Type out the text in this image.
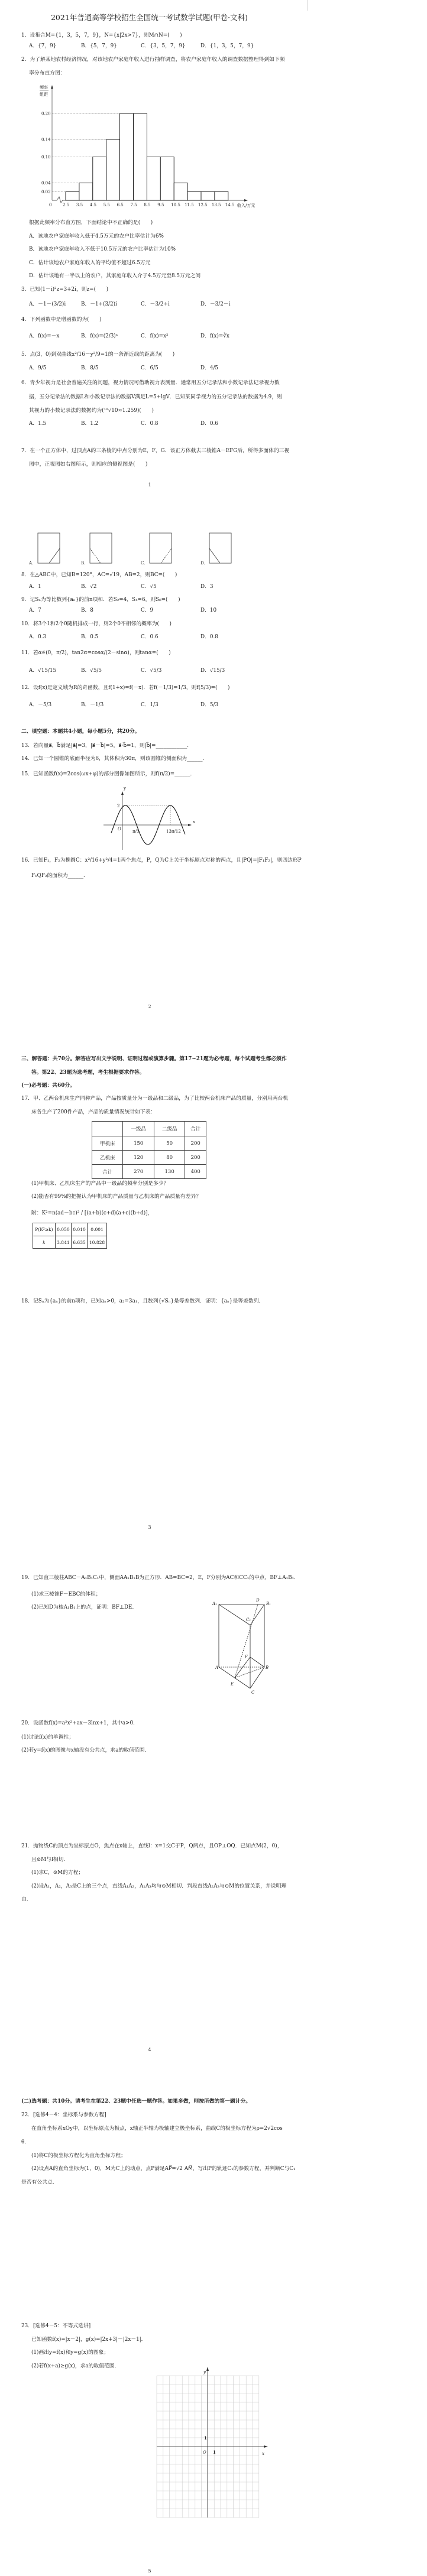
2021年普通高等学校招生全国统一考试数学试题(甲卷·文科)
A.	B.	C.	D.
y
x
2
O	π/3	13π/12
A₁
D
B₁
C₁
F
A	B
E
C
y
x
O 1
1
0.20
0.14
0.10
0.04
0.02
2.5 3.5 4.5 5.5 6.5 7.5 8.5 9.5 10.5 11.5 12.5 13.5 14.5
0	收入/万元
频率
组距
	一级品	二级品	合计
甲机床	150	50	200
乙机床	120	80	200
合计	270	130	400
P(K²≥k)	0.050	0.010	0.001
k	3.841	6.635	10.828
1．设集合M={1，3，5，7，9}，N={x|2x>7}，则M∩N=(　　)
A．{7，9}	B．{5，7，9}	C．{3，5，7，9}	D．{1，3，5，7，9}
2．为了解某地农村经济情况，对该地农户家庭年收入进行抽样调查，将农户家庭年收入的调查数据整理得到如下频
率分布直方图：
根据此频率分布直方图，下面结论中不正确的是(　　)
A．该地农户家庭年收入低于4.5万元的农户比率估计为6%
B．该地农户家庭年收入不低于10.5万元的农户比率估计为10%
C．估计该地农户家庭年收入的平均值不超过6.5万元
D．估计该地有一半以上的农户，其家庭年收入介于4.5万元至8.5万元之间
3．已知(1－i)²z=3+2i，则z=(　　)
A．－1－(3/2)i	B．－1+(3/2)i	C．－3/2+i	D．－3/2－i
4．下列函数中是增函数的为(　　)
A．f(x)=－x	B．f(x)=(2/3)ˣ	C．f(x)=x²	D．f(x)=∛x
5．点(3，0)到双曲线x²/16－y²/9=1的一条渐近线的距离为(　　)
A．9/5	B．8/5	C．6/5	D．4/5
6．青少年视力是社会普遍关注的问题，视力情况可借助视力表测量．通常用五分记录法和小数记录法记录视力数
据，五分记录法的数据L和小数记录法的数据V满足L=5+lgV．已知某同学视力的五分记录法的数据为4.9，则
其视力的小数记录法的数据约为(¹⁰√10≈1.259)(　　)
A．1.5	B．1.2	C．0.8	D．0.6
7．在一个正方体中，过顶点A的三条棱的中点分别为E，F，G．该正方体截去三棱锥A－EFG后，所得多面体的三视
图中，正视图如右图所示，则相应的侧视图是(　　)
1
8．在△ABC中，已知B=120°，AC=√19，AB=2，则BC=(　　)
A．1	B．√2	C．√5	D．3
9．记Sₙ为等比数列{aₙ}的前n项和．若S₂=4，S₄=6，则S₆=(　　)
A．7	B．8	C．9	D．10
10．将3个1和2个0随机排成一行，则2个0不相邻的概率为(　　)
A．0.3	B．0.5	C．0.6	D．0.8
11．若α∈(0，π/2)，tan2α=cosα/(2－sinα)，则tanα=(　　)
A．√15/15	B．√5/5	C．√5/3	D．√15/3
12．设f(x)是定义域为R的奇函数，且f(1+x)=f(－x)．若f(－1/3)=1/3，则f(5/3)=(　　)
A．－5/3	B．－1/3	C．1/3	D．5/3
二、填空题：本题共4小题，每小题5分，共20分。
13．若向量a⃗，b⃗满足|a⃗|=3，|a⃗－b⃗|=5，a⃗·b⃗=1，则|b⃗|=____________．
14．已知一个圆锥的底面半径为6，其体积为30π，则该圆锥的侧面积为______．
15．已知函数f(x)=2cos(ωx+φ)的部分图像如图所示，则f(π/2)=______．
16．已知F₁，F₂为椭圆C：x²/16+y²/4=1两个焦点，P，Q为C上关于坐标原点对称的两点，且|PQ|=|F₁F₂|，则四边形P
F₁QF₂的面积为______．
2
三、解答题：共70分。解答应写出文字说明、证明过程或演算步骤。第17~21题为必考题，每个试题考生都必须作
答。第22、23题为选考题，考生根据要求作答。
(一)必考题：共60分。
17．甲、乙两台机床生产同种产品，产品按质量分为一级品和二级品，为了比较两台机床产品的质量，分别用两台机
床各生产了200件产品，产品的质量情况统计如下表：
(1)甲机床、乙机床生产的产品中一级品的频率分别是多少？
(2)能否有99%的把握认为甲机床的产品质量与乙机床的产品质量有差异？
附：K²=n(ad－bc)² / [(a+b)(c+d)(a+c)(b+d)]，
18．记Sₙ为{aₙ}的前n项和，已知aₙ>0，a₂=3a₁，且数列{√Sₙ}是等差数列．证明：{aₙ}是等差数列．
3
19．已知直三棱柱ABC－A₁B₁C₁中，侧面AA₁B₁B为正方形．AB=BC=2，E，F分别为AC和CC₁的中点，BF⊥A₁B₁．
(1)求三棱锥F－EBC的体积；
(2)已知D为棱A₁B₁上的点，证明：BF⊥DE．
20．设函数f(x)=a²x²+ax－3lnx+1，其中a>0．
(1)讨论f(x)的单调性；
(2)若y=f(x)的图像与x轴没有公共点，求a的取值范围．
21．抛物线C的顶点为坐标原点O，焦点在x轴上，直线l：x=1交C于P，Q两点，且OP⊥OQ．已知点M(2，0)，
且⊙M与l相切．
(1)求C，⊙M的方程；
(2)设A₁，A₂，A₃是C上的三个点，直线A₁A₂，A₁A₃均与⊙M相切．判段直线A₂A₃与⊙M的位置关系，并说明理
由．
4
(二)选考题：共10分。请考生在第22、23题中任选一题作答。如果多做，则按所做的第一题计分。
22．[选修4－4：坐标系与参数方程]
在直角坐标系xOy中，以坐标原点为极点，x轴正半轴为极轴建立极坐标系，曲线C的极坐标方程为ρ=2√2cos
θ．
(1)将C的极坐标方程化为直角坐标方程；
(2)设点A的直角坐标为(1，0)，M为C上的动点，点P满足AP⃗=√2 AM⃗，写出P的轨迹C₁的参数方程，并判断C与C₁
是否有公共点．
23．[选修4－5：不等式选讲]
已知函数f(x)=|x－2|，g(x)=|2x+3|－|2x－1|．
(1)画出y=f(x)和y=g(x)的图象；
(2)若f(x+a)≥g(x)，求a的取值范围．
5
